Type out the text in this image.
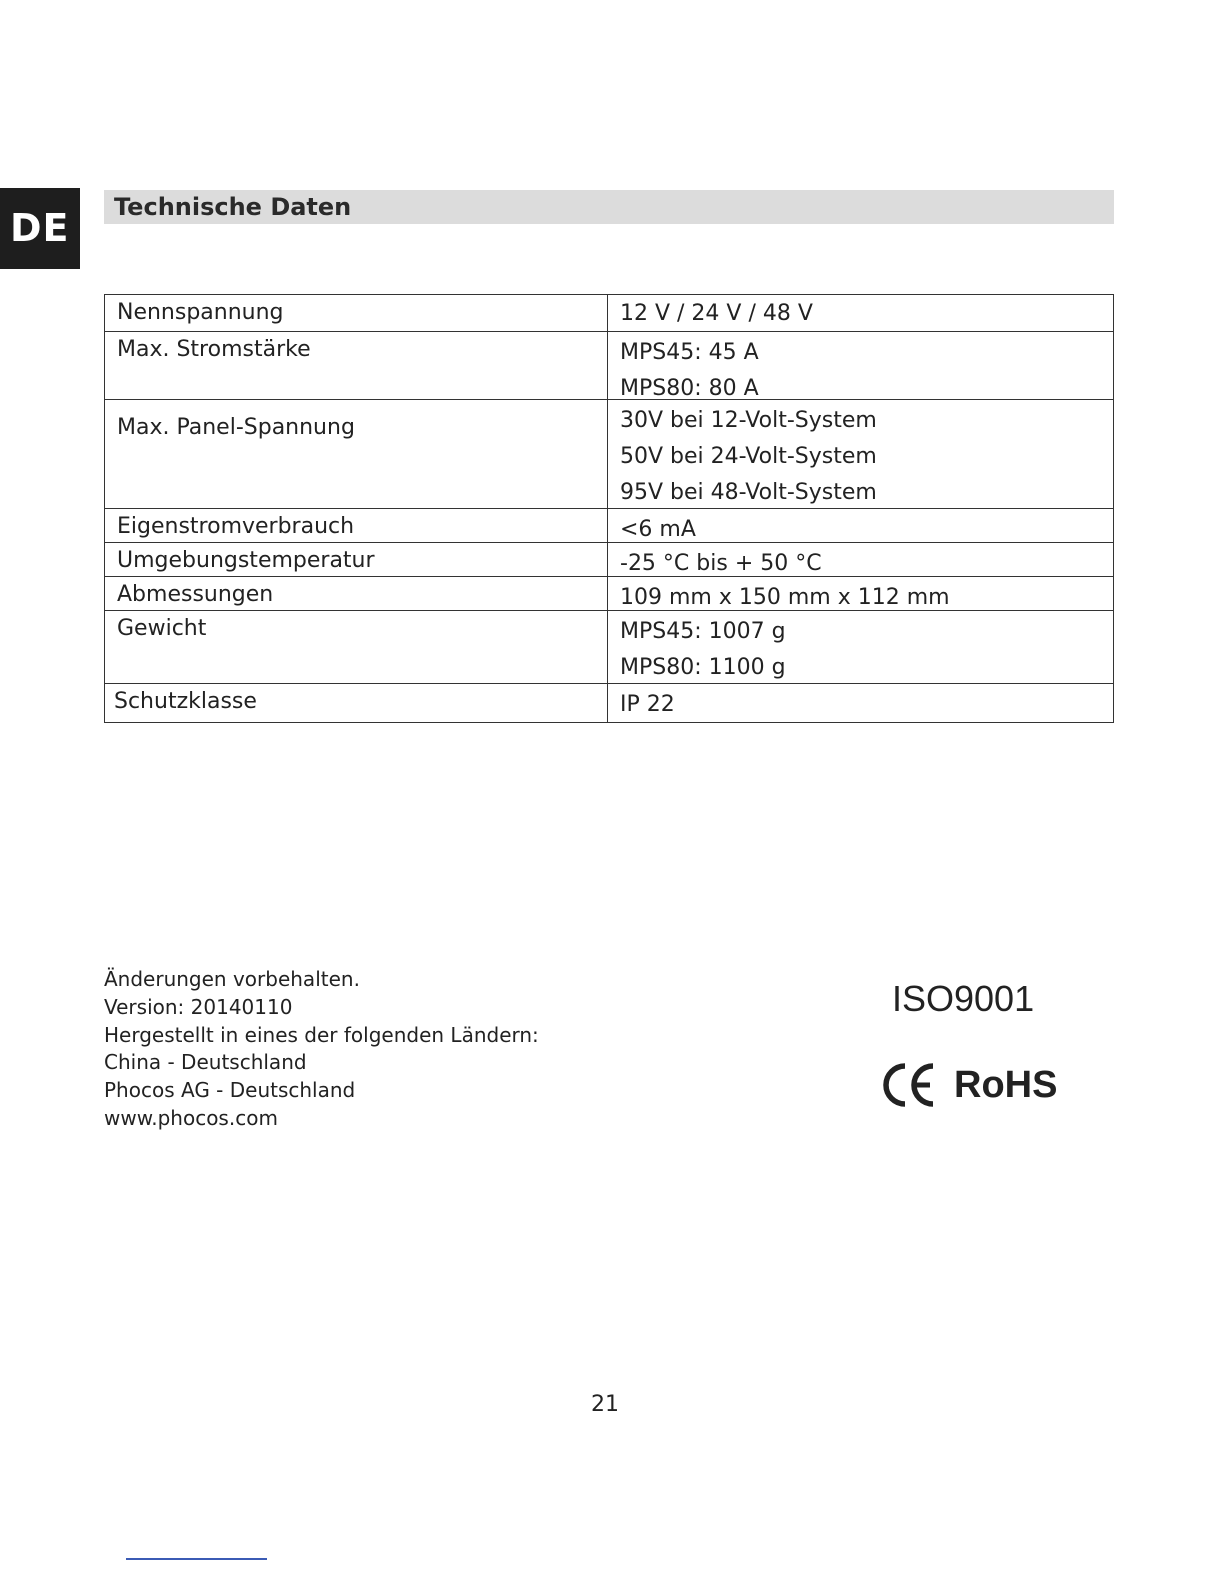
DE	Technische Daten
Nennspannung	12 V / 24 V / 48 V

Max. Stromstärke	MPS45: 45 A
MPS80: 80 A

Max. Panel-Spannung	30V bei 12-Volt-System
50V bei 24-Volt-System
95V bei 48-Volt-System

Eigenstromverbrauch	<6 mA

Umgebungstemperatur	-25 °C bis + 50 °C

Abmessungen	109 mm x 150 mm x 112 mm

Gewicht	MPS45: 1007 g
MPS80: 1100 g

Schutzklasse	IP 22
Änderungen vorbehalten.
Version: 20140110
Hergestellt in eines der folgenden Ländern:
China - Deutschland
Phocos AG - Deutschland
www.phocos.com
ISO9001
RoHS
21
